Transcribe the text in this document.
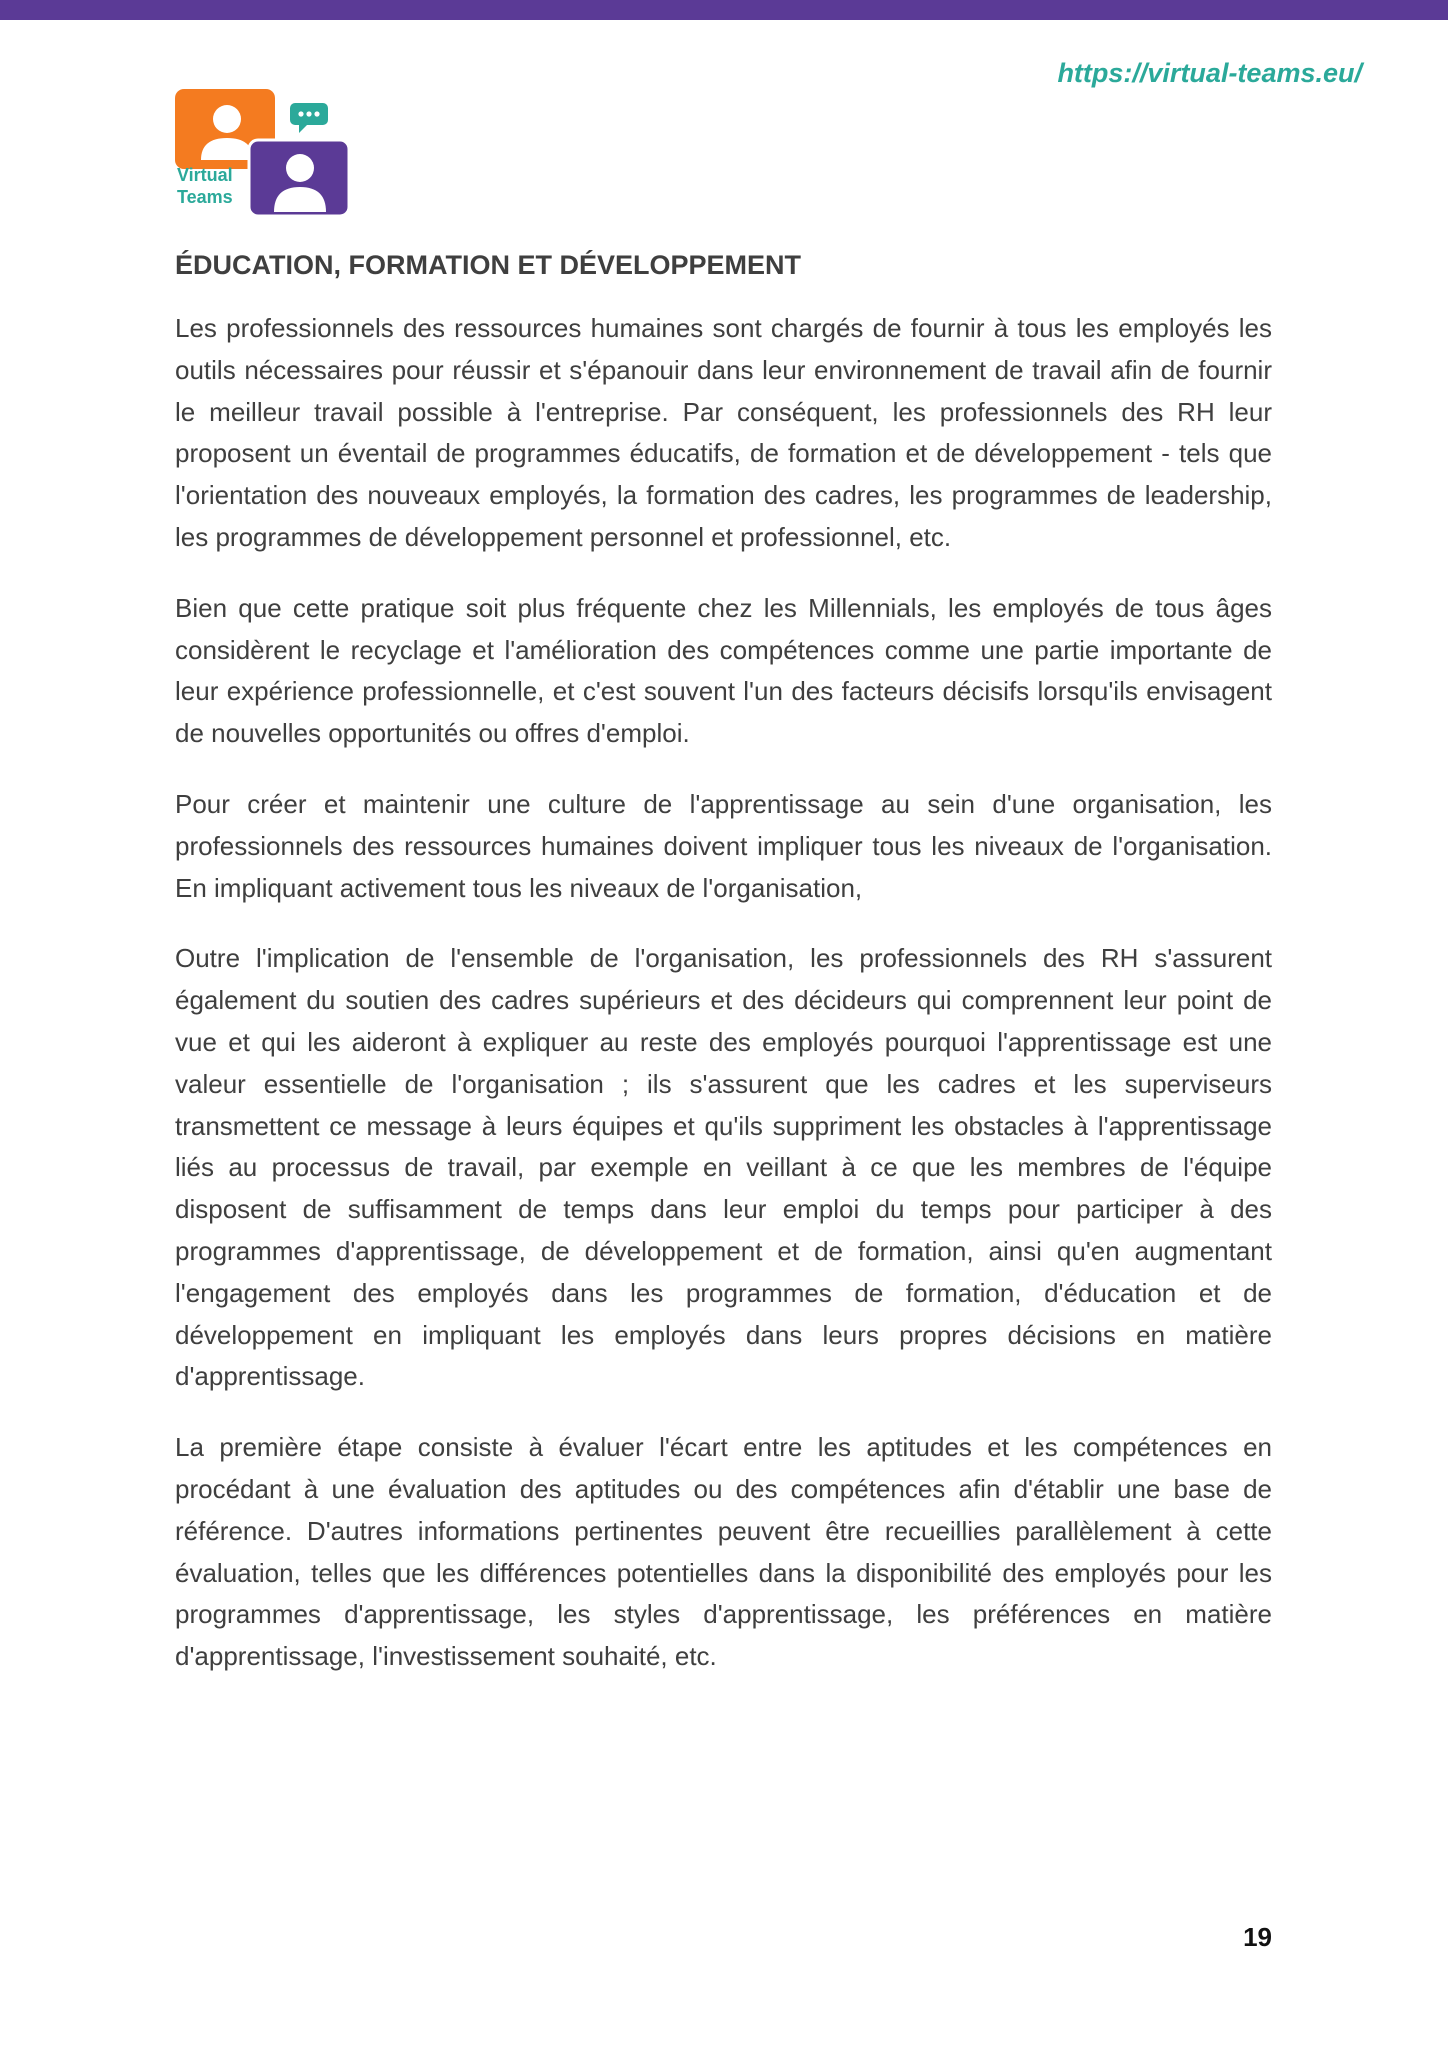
https://virtual-teams.eu/
Virtual
Teams
ÉDUCATION, FORMATION ET DÉVELOPPEMENT

Les professionnels des ressources humaines sont chargés de fournir à tous les employés les outils nécessaires pour réussir et s'épanouir dans leur environnement de travail afin de fournir le meilleur travail possible à l'entreprise. Par conséquent, les professionnels des RH leur proposent un éventail de programmes éducatifs, de formation et de développement - tels que l'orientation des nouveaux employés, la formation des cadres, les programmes de leadership, les programmes de développement personnel et professionnel, etc.

Bien que cette pratique soit plus fréquente chez les Millennials, les employés de tous âges considèrent le recyclage et l'amélioration des compétences comme une partie importante de leur expérience professionnelle, et c'est souvent l'un des facteurs décisifs lorsqu'ils envisagent de nouvelles opportunités ou offres d'emploi.

Pour créer et maintenir une culture de l'apprentissage au sein d'une organisation, les professionnels des ressources humaines doivent impliquer tous les niveaux de l'organisation. En impliquant activement tous les niveaux de l'organisation,

Outre l'implication de l'ensemble de l'organisation, les professionnels des RH s'assurent également du soutien des cadres supérieurs et des décideurs qui comprennent leur point de vue et qui les aideront à expliquer au reste des employés pourquoi l'apprentissage est une valeur essentielle de l'organisation ; ils s'assurent que les cadres et les superviseurs transmettent ce message à leurs équipes et qu'ils suppriment les obstacles à l'apprentissage liés au processus de travail, par exemple en veillant à ce que les membres de l'équipe disposent de suffisamment de temps dans leur emploi du temps pour participer à des programmes d'apprentissage, de développement et de formation, ainsi qu'en augmentant l'engagement des employés dans les programmes de formation, d'éducation et de développement en impliquant les employés dans leurs propres décisions en matière d'apprentissage.

La première étape consiste à évaluer l'écart entre les aptitudes et les compétences en procédant à une évaluation des aptitudes ou des compétences afin d'établir une base de référence. D'autres informations pertinentes peuvent être recueillies parallèlement à cette évaluation, telles que les différences potentielles dans la disponibilité des employés pour les programmes d'apprentissage, les styles d'apprentissage, les préférences en matière d'apprentissage, l'investissement souhaité, etc.

19
